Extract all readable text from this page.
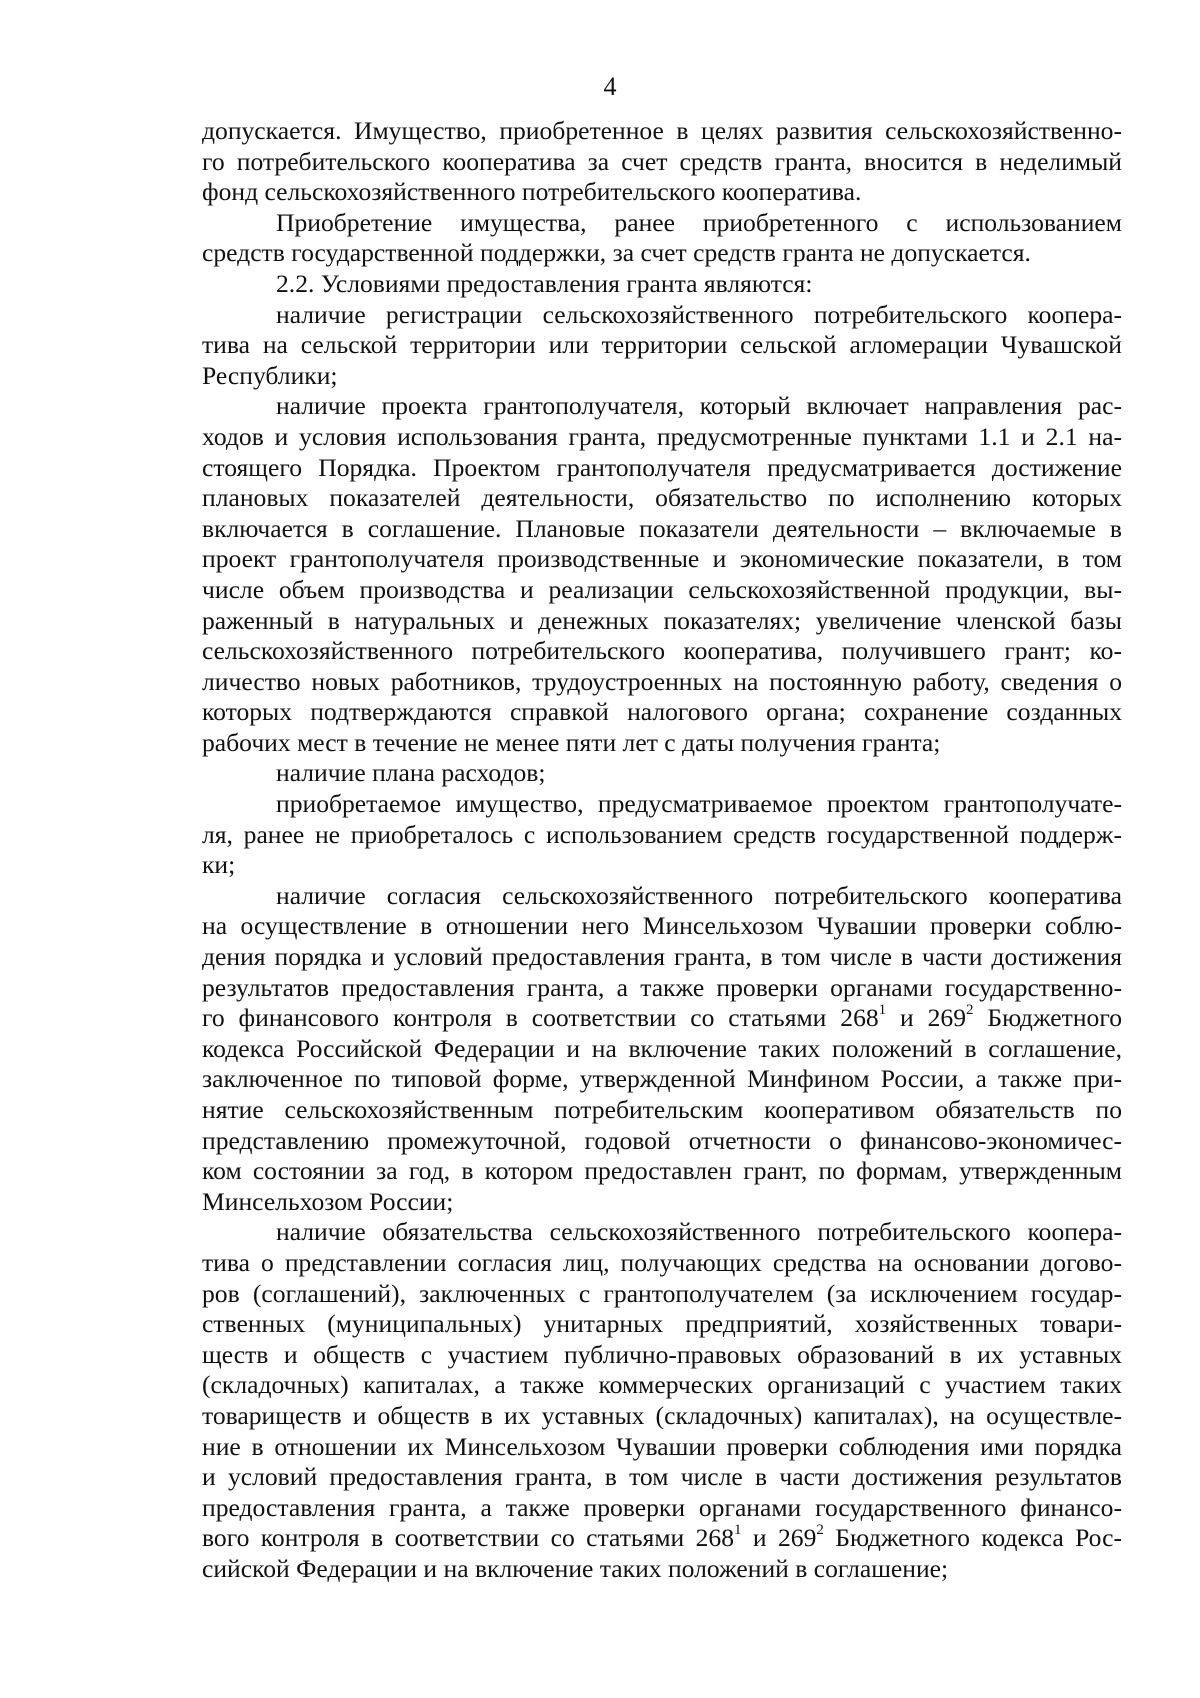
4

допускается. Имущество, приобретенное в целях развития сельскохозяйственно-

го потребительского кооператива за счет средств гранта, вносится в неделимый

фонд сельскохозяйственного потребительского кооператива.

Приобретение имущества, ранее приобретенного с использованием

средств государственной поддержки, за счет средств гранта не допускается.

2.2. Условиями предоставления гранта являются:

наличие регистрации сельскохозяйственного потребительского коопера-

тива на сельской территории или территории сельской агломерации Чувашской

Республики;

наличие проекта грантополучателя, который включает направления рас-

ходов и условия использования гранта, предусмотренные пунктами 1.1 и 2.1 на-

стоящего Порядка. Проектом грантополучателя предусматривается достижение

плановых показателей деятельности, обязательство по исполнению которых

включается в соглашение. Плановые показатели деятельности – включаемые в

проект грантополучателя производственные и экономические показатели, в том

числе объем производства и реализации сельскохозяйственной продукции, вы-

раженный в натуральных и денежных показателях; увеличение членской базы

сельскохозяйственного потребительского кооператива, получившего грант; ко-

личество новых работников, трудоустроенных на постоянную работу, сведения о

которых подтверждаются справкой налогового органа; сохранение созданных

рабочих мест в течение не менее пяти лет с даты получения гранта;

наличие плана расходов;

приобретаемое имущество, предусматриваемое проектом грантополучате-

ля, ранее не приобреталось с использованием средств государственной поддерж-

ки;

наличие согласия сельскохозяйственного потребительского кооператива

на осуществление в отношении него Минсельхозом Чувашии проверки соблю-

дения порядка и условий предоставления гранта, в том числе в части достижения

результатов предоставления гранта, а также проверки органами государственно-

го финансового контроля в соответствии со статьями $268^1$ и $269^2$ Бюджетного

кодекса Российской Федерации и на включение таких положений в соглашение,

заключенное по типовой форме, утвержденной Минфином России, а также при-

нятие сельскохозяйственным потребительским кооперативом обязательств по

представлению промежуточной, годовой отчетности о финансово-экономичес-

ком состоянии за год, в котором предоставлен грант, по формам, утвержденным

Минсельхозом России;

наличие обязательства сельскохозяйственного потребительского коопера-

тива о представлении согласия лиц, получающих средства на основании догово-

ров (соглашений), заключенных с грантополучателем (за исключением государ-

ственных (муниципальных) унитарных предприятий, хозяйственных товари-

ществ и обществ с участием публично-правовых образований в их уставных

(складочных) капиталах, а также коммерческих организаций с участием таких

товариществ и обществ в их уставных (складочных) капиталах), на осуществле-

ние в отношении их Минсельхозом Чувашии проверки соблюдения ими порядка

и условий предоставления гранта, в том числе в части достижения результатов

предоставления гранта, а также проверки органами государственного финансо-

вого контроля в соответствии со статьями $268^1$ и $269^2$ Бюджетного кодекса Рос-

сийской Федерации и на включение таких положений в соглашение;
